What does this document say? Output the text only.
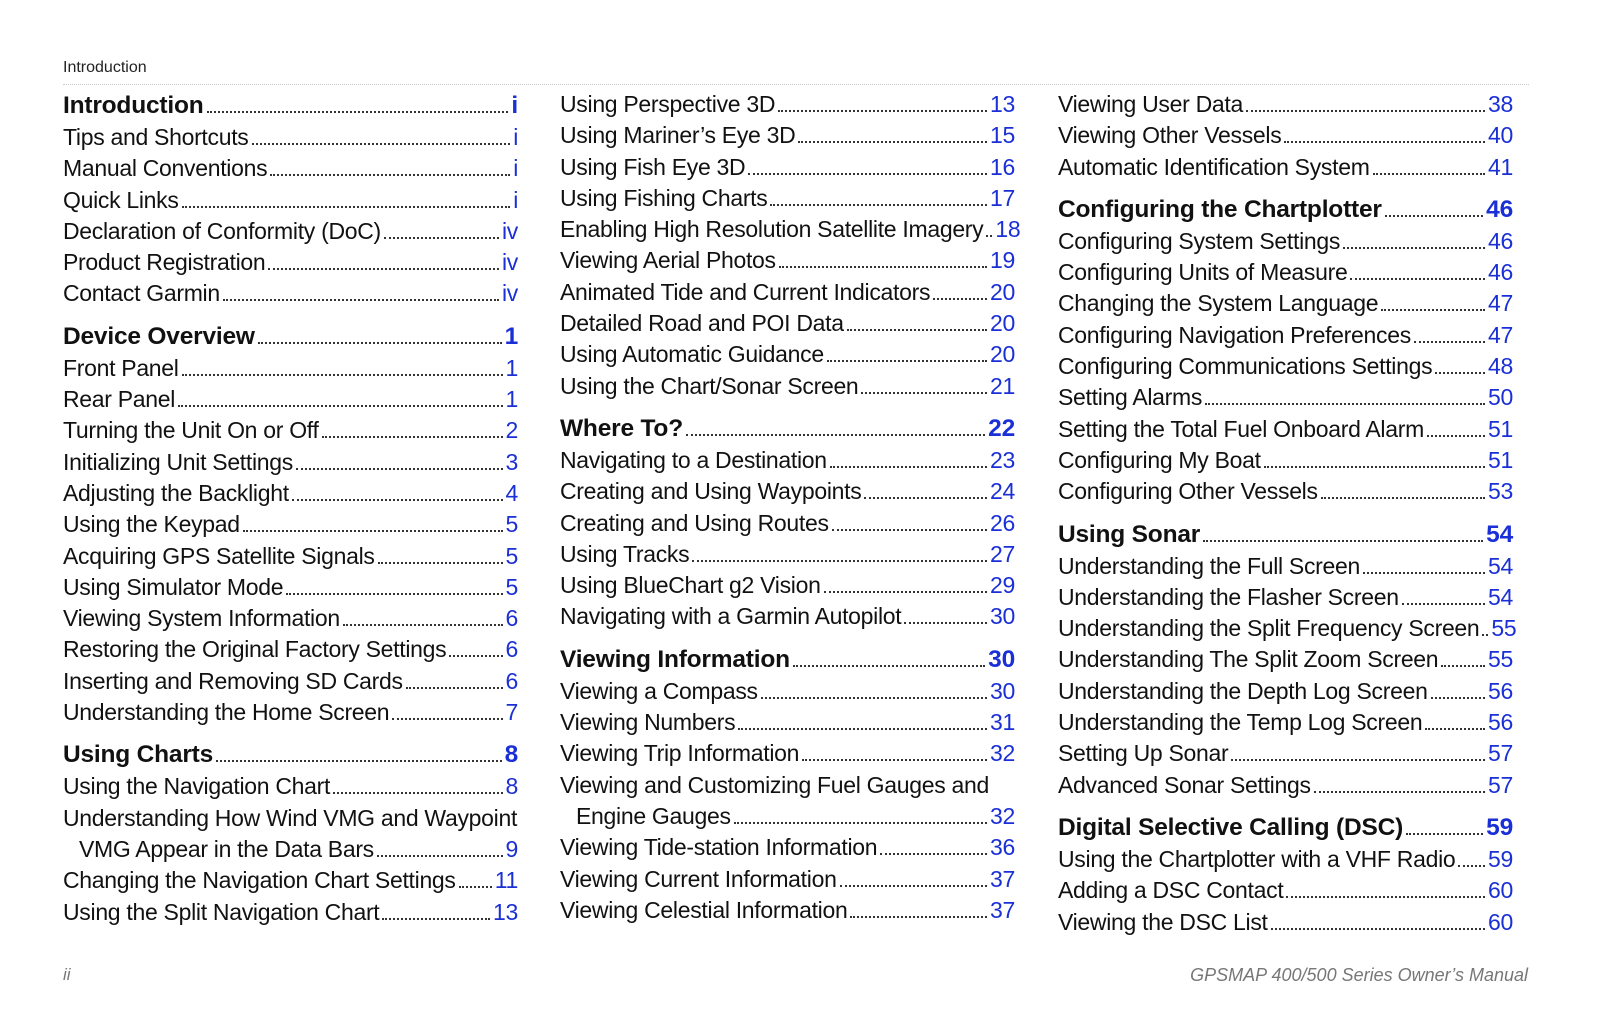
Introduction
Introduction	i
Tips and Shortcuts	i
Manual Conventions	i
Quick Links	i
Declaration of Conformity (DoC)	iv
Product Registration	iv
Contact Garmin	iv
Device Overview	1
Front Panel	1
Rear Panel	1
Turning the Unit On or Off	2
Initializing Unit Settings	3
Adjusting the Backlight	4
Using the Keypad	5
Acquiring GPS Satellite Signals	5
Using Simulator Mode	5
Viewing System Information	6
Restoring the Original Factory Settings	6
Inserting and Removing SD Cards	6
Understanding the Home Screen	7
Using Charts	8
Using the Navigation Chart	8
Understanding How Wind VMG and Waypoint
VMG Appear in the Data Bars	9
Changing the Navigation Chart Settings 11
Using the Split Navigation Chart	13
Using Perspective 3D	13
Using Mariner’s Eye 3D	15
Using Fish Eye 3D	16
Using Fishing Charts	17
Enabling High Resolution Satellite Imagery 18
Viewing Aerial Photos	19
Animated Tide and Current Indicators	20
Detailed Road and POI Data	20
Using Automatic Guidance	20
Using the Chart/Sonar Screen	21
Where To?	22
Navigating to a Destination	23
Creating and Using Waypoints	24
Creating and Using Routes	26
Using Tracks	27
Using BlueChart g2 Vision	29
Navigating with a Garmin Autopilot	30
Viewing Information	30
Viewing a Compass	30
Viewing Numbers	31
Viewing Trip Information	32
Viewing and Customizing Fuel Gauges and
Engine Gauges	32
Viewing Tide-station Information	36
Viewing Current Information	37
Viewing Celestial Information	37
Viewing User Data	38
Viewing Other Vessels	40
Automatic Identification System	41
Configuring the Chartplotter	46
Configuring System Settings	46
Configuring Units of Measure	46
Changing the System Language	47
Configuring Navigation Preferences	47
Configuring Communications Settings 48
Setting Alarms	50
Setting the Total Fuel Onboard Alarm	51
Configuring My Boat	51
Configuring Other Vessels	53
Using Sonar	54
Understanding the Full Screen	54
Understanding the Flasher Screen	54
Understanding the Split Frequency Screen 55
Understanding The Split Zoom Screen 55
Understanding the Depth Log Screen	56
Understanding the Temp Log Screen	56
Setting Up Sonar	57
Advanced Sonar Settings	57
Digital Selective Calling (DSC)	59
Using the Chartplotter with a VHF Radio 59
Adding a DSC Contact	60
Viewing the DSC List	60
ii	GPSMAP 400/500 Series Owner’s Manual
